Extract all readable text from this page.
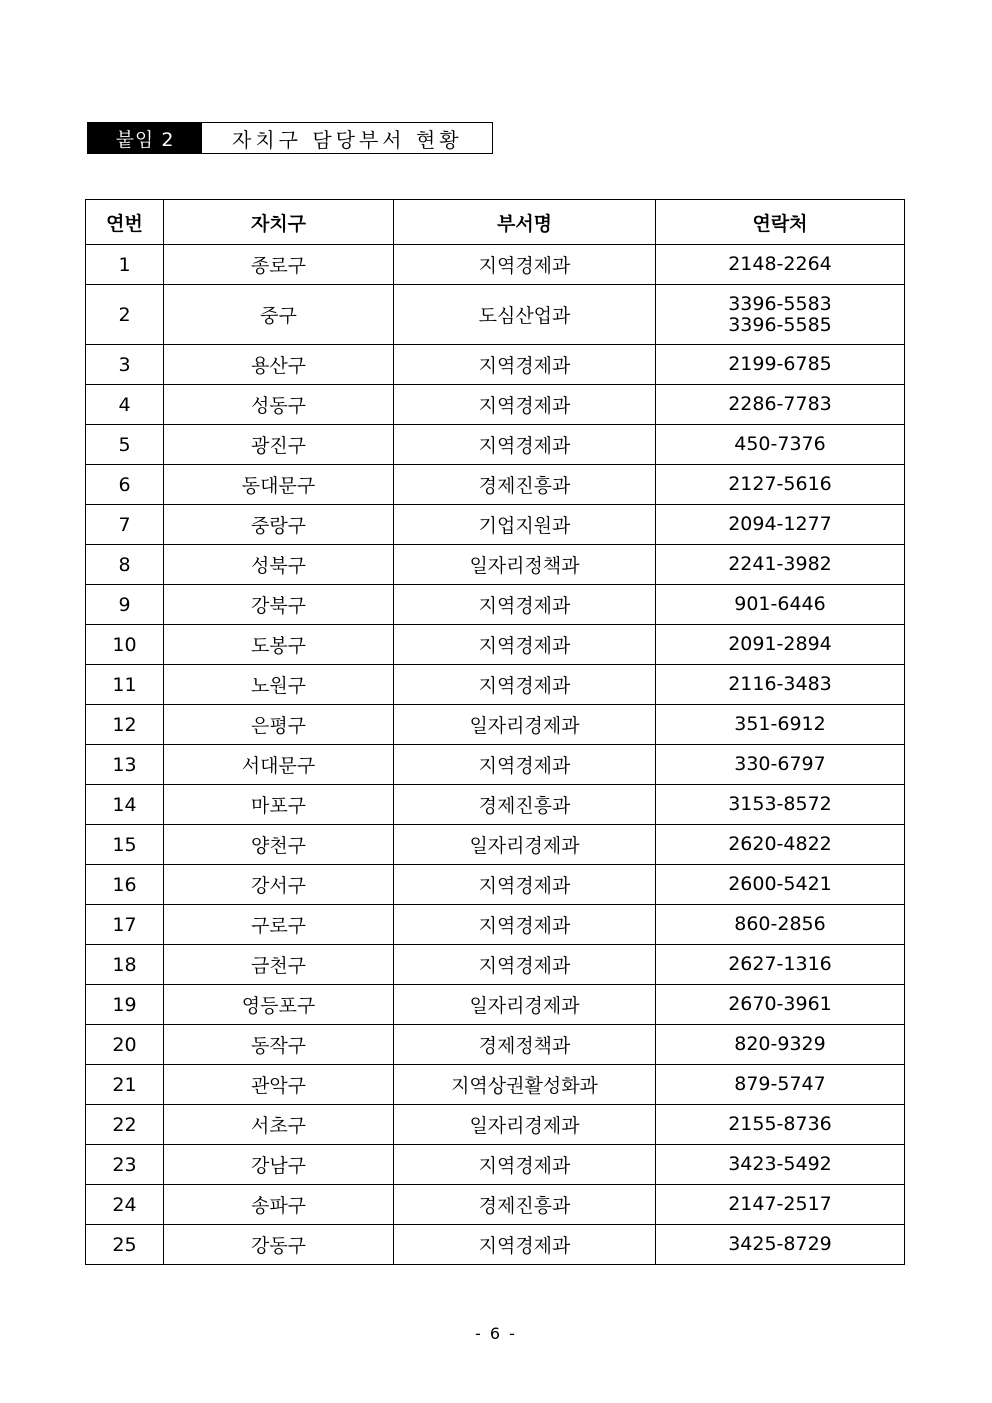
붙임 2	자치구 담당부서 현황
연번	자치구	부서명	연락처
1	종로구	지역경제과	2148-2264

2	중구	도심산업과	3396-5583
3396-5585

3	용산구	지역경제과	2199-6785

4	성동구	지역경제과	2286-7783

5	광진구	지역경제과	450-7376

6	동대문구	경제진흥과	2127-5616

7	중랑구	기업지원과	2094-1277

8	성북구	일자리정책과	2241-3982

9	강북구	지역경제과	901-6446

10	도봉구	지역경제과	2091-2894

11	노원구	지역경제과	2116-3483

12	은평구	일자리경제과	351-6912

13	서대문구	지역경제과	330-6797

14	마포구	경제진흥과	3153-8572

15	양천구	일자리경제과	2620-4822

16	강서구	지역경제과	2600-5421

17	구로구	지역경제과	860-2856

18	금천구	지역경제과	2627-1316

19	영등포구	일자리경제과	2670-3961

20	동작구	경제정책과	820-9329

21	관악구	지역상권활성화과	879-5747

22	서초구	일자리경제과	2155-8736

23	강남구	지역경제과	3423-5492

24	송파구	경제진흥과	2147-2517

25	강동구	지역경제과	3425-8729
- 6 -
